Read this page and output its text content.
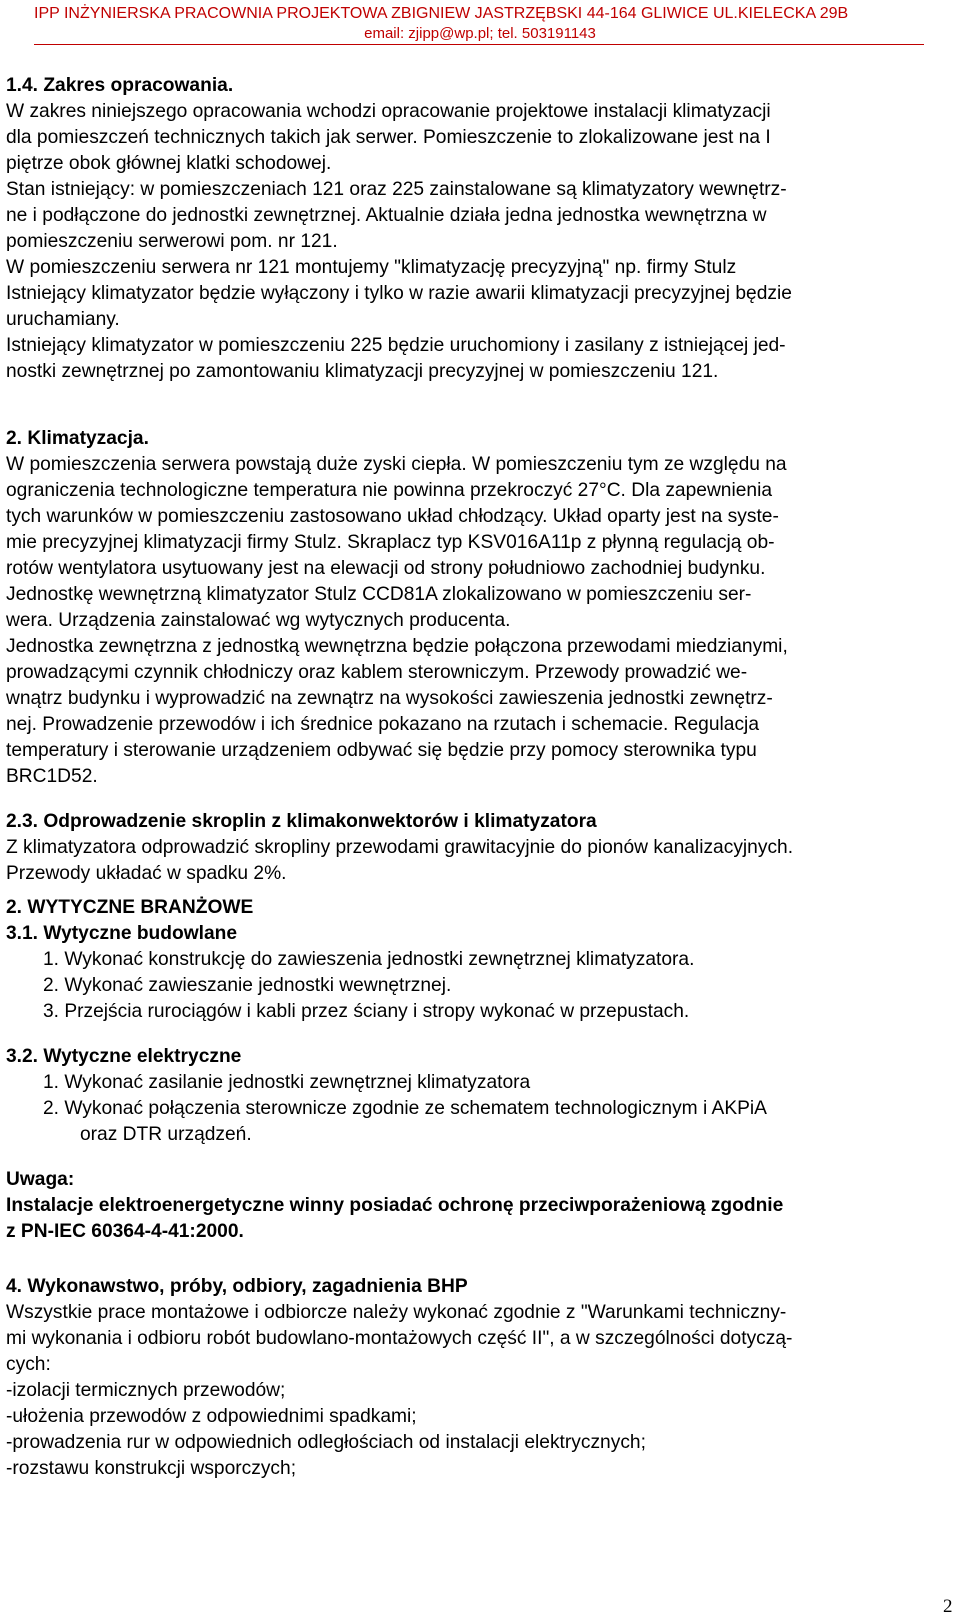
IPP INŻYNIERSKA PRACOWNIA PROJEKTOWA ZBIGNIEW JASTRZĘBSKI 44-164 GLIWICE UL.KIELECKA 29B
email: zjipp@wp.pl; tel. 503191143
1.4. Zakres opracowania.
W zakres niniejszego opracowania wchodzi opracowanie projektowe instalacji klimatyzacji
dla pomieszczeń technicznych takich jak serwer. Pomieszczenie to zlokalizowane jest na I
piętrze obok głównej klatki schodowej.
Stan istniejący: w pomieszczeniach 121 oraz 225 zainstalowane są klimatyzatory wewnętrz-
ne i podłączone do jednostki zewnętrznej. Aktualnie działa jedna jednostka wewnętrzna w
pomieszczeniu serwerowi pom. nr 121.
W pomieszczeniu serwera nr 121 montujemy "klimatyzację precyzyjną" np. firmy Stulz
Istniejący klimatyzator będzie wyłączony i tylko w razie awarii klimatyzacji precyzyjnej będzie
uruchamiany.
Istniejący klimatyzator w pomieszczeniu 225 będzie uruchomiony i zasilany z istniejącej jed-
nostki zewnętrznej po zamontowaniu klimatyzacji precyzyjnej w pomieszczeniu 121.
2. Klimatyzacja.
W pomieszczenia serwera powstają duże zyski ciepła. W pomieszczeniu tym ze względu na
ograniczenia technologiczne temperatura nie powinna przekroczyć 27°C. Dla zapewnienia
tych warunków w pomieszczeniu zastosowano układ chłodzący. Układ oparty jest na syste-
mie precyzyjnej klimatyzacji firmy Stulz. Skraplacz typ KSV016A11p z płynną regulacją ob-
rotów wentylatora usytuowany jest na elewacji od strony południowo zachodniej budynku.
Jednostkę wewnętrzną klimatyzator Stulz CCD81A zlokalizowano w pomieszczeniu ser-
wera. Urządzenia zainstalować wg wytycznych producenta.
Jednostka zewnętrzna z jednostką wewnętrzna będzie połączona przewodami miedzianymi,
prowadzącymi czynnik chłodniczy oraz kablem sterowniczym. Przewody prowadzić we-
wnątrz budynku i wyprowadzić na zewnątrz na wysokości zawieszenia jednostki zewnętrz-
nej. Prowadzenie przewodów i ich średnice pokazano na rzutach i schemacie. Regulacja
temperatury i sterowanie urządzeniem odbywać się będzie przy pomocy sterownika typu
BRC1D52.
2.3. Odprowadzenie skroplin z klimakonwektorów i klimatyzatora
Z klimatyzatora odprowadzić skropliny przewodami grawitacyjnie do pionów kanalizacyjnych.
Przewody układać w spadku 2%.
2. WYTYCZNE BRANŻOWE
3.1. Wytyczne budowlane
1. Wykonać konstrukcję do zawieszenia jednostki zewnętrznej klimatyzatora.
2. Wykonać zawieszanie jednostki wewnętrznej.
3. Przejścia rurociągów i kabli przez ściany i stropy wykonać w przepustach.
3.2. Wytyczne elektryczne
1. Wykonać zasilanie jednostki zewnętrznej klimatyzatora
2. Wykonać połączenia sterownicze zgodnie ze schematem technologicznym i AKPiA
oraz DTR urządzeń.
Uwaga:
Instalacje elektroenergetyczne winny posiadać ochronę przeciwporażeniową zgodnie
z PN-IEC 60364-4-41:2000.
4. Wykonawstwo, próby, odbiory, zagadnienia BHP
Wszystkie prace montażowe i odbiorcze należy wykonać zgodnie z "Warunkami techniczny-
mi wykonania i odbioru robót budowlano-montażowych część II", a w szczególności dotyczą-
cych:
-izolacji termicznych przewodów;
-ułożenia przewodów z odpowiednimi spadkami;
-prowadzenia rur w odpowiednich odległościach od instalacji elektrycznych;
-rozstawu konstrukcji wsporczych;
2
